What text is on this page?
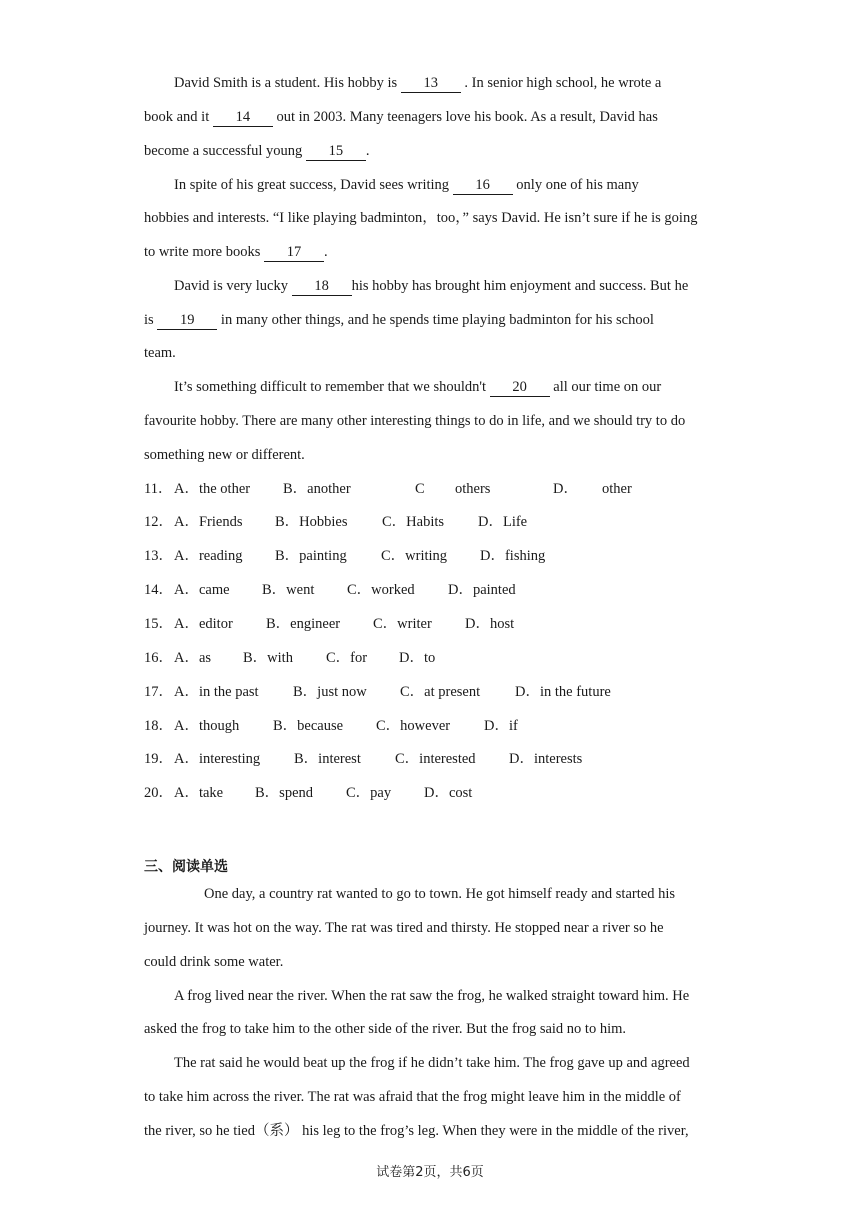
David Smith is a student. His hobby is 13 . In senior high school, he wrote a
book and it 14 out in 2003. Many teenagers love his book. As a result, David has
become a successful young 15 .
In spite of his great success, David sees writing 16 only one of his many
hobbies and interests. “I like playing badminton，too，” says David. He isn’t sure if he is going
to write more books 17 .
David is very lucky 18 his hobby has brought him enjoyment and success. But he
is 19 in many other things, and he spends time playing badminton for his school
team.
It’s something difficult to remember that we shouldn't 20 all our time on our
favourite hobby. There are many other interesting things to do in life, and we should try to do
something new or different.
11． A．the other B．another	C others	D． other
12． A．Friends B．Hobbies C．Habits D．Life
13． A．reading B．painting C．writing D．fishing
14． A．came B．went C．worked D．painted
15． A．editor B．engineer C．writer D．host
16． A．as B．with C．for D．to
17． A．in the past B．just now C．at present D．in the future
18． A．though B．because C．however D．if
19． A．interesting B．interest C．interested D．interests
20． A．take B．spend C．pay D．cost
三、阅读单选
One day, a country rat wanted to go to town. He got himself ready and started his
journey. It was hot on the way. The rat was tired and thirsty. He stopped near a river so he
could drink some water.
A frog lived near the river. When the rat saw the frog, he walked straight toward him. He
asked the frog to take him to the other side of the river. But the frog said no to him.
The rat said he would beat up the frog if he didn’t take him. The frog gave up and agreed
to take him across the river. The rat was afraid that the frog might leave him in the middle of
the river, so he tied（系） his leg to the frog’s leg. When they were in the middle of the river,
试卷第2页，共6页
